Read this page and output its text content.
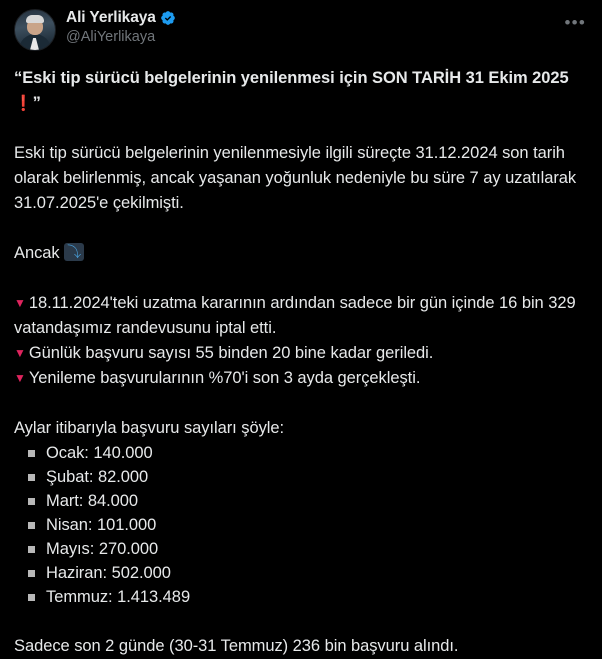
Ali Yerlikaya
@AliYerlikaya
•••
“Eski tip sürücü belgelerinin yenilenmesi için SON TARİH 31 Ekim 2025 ❗”
Eski tip sürücü belgelerinin yenilenmesiyle ilgili süreçte 31.12.2024 son tarih olarak belirlenmiş, ancak yaşanan yoğunluk nedeniyle bu süre 7 ay uzatılarak 31.07.2025'e çekilmişti.
Ancak ⤵
▼ 18.11.2024'teki uzatma kararının ardından sadece bir gün içinde 16 bin 329 vatandaşımız randevusunu iptal etti.
▼ Günlük başvuru sayısı 55 binden 20 bine kadar geriledi.
▼ Yenileme başvurularının %70'i son 3 ayda gerçekleşti.
Aylar itibarıyla başvuru sayıları şöyle:
Ocak: 140.000
Şubat: 82.000
Mart: 84.000
Nisan: 101.000
Mayıs: 270.000
Haziran: 502.000
Temmuz: 1.413.489
Sadece son 2 günde (30-31 Temmuz) 236 bin başvuru alındı.
